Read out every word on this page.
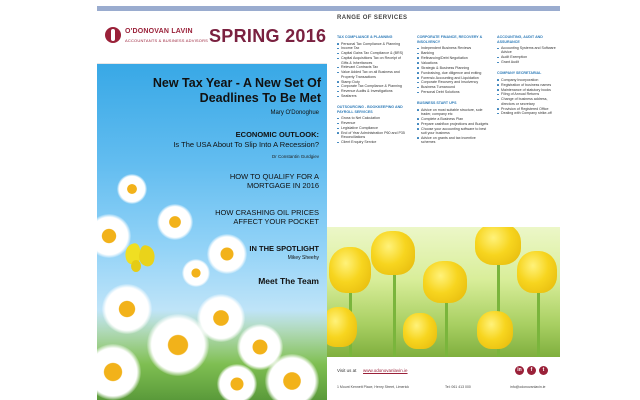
O'DONOVAN LAVIN
ACCOUNTANTS & BUSINESS ADVISORS SPRING 2016
New Tax Year - A New Set Of Deadlines To Be Met
Mary O'Donoghue
ECONOMIC OUTLOOK:
Is The USA About To Slip Into A Recession?
Dr Constantin Gurdgiev
HOW TO QUALIFY FOR A MORTGAGE IN 2016
HOW CRASHING OIL PRICES AFFECT YOUR POCKET
IN THE SPOTLIGHT
Mikey Sheehy
Meet The Team
RANGE OF SERVICES
TAX COMPLIANCE & PLANNING
Personal Tax Compliance & Planning
Income Tax
Capital Gains Tax Compliance & (BRS)
Capital Acquisitions Tax on Receipt of Gifts & Inheritances
Relevant Contracts Tax
Value Added Tax on all Business and Property Transactions
Stamp Duty
Corporate Tax Compliance & Planning
Revenue Audits & Investigations
Seafarers
OUTSOURCING - BOOKKEEPING AND PAYROLL SERVICES
Gross to Net Calculation
Revenue
Legislative Compliance
End of Year Administration P60 and P35 Reconciliations
Client Enquiry Service
CORPORATE FINANCE, RECOVERY & INSOLVENCY
Independent Business Reviews
Banking
Refinancing/Debt Negotiation
Valuations
Strategic & Business Planning
Fundraising, due diligence and exiting
Forensic Accounting and Liquidation
Corporate Recovery and Insolvency
Business Turnaround
Personal Debt Solutions
BUSINESS START UPS
Advice on most suitable structure, sole trader, company etc
Complete a Business Plan
Prepare cashflow projections and Budgets
Choose your accounting software to best suit your business
Advice on grants and tax incentive schemes
ACCOUNTING, AUDIT AND ASSURANCE
Accounting Systems and Software Advice
Audit Exemption
Grant Audit
COMPANY SECRETARIAL
Company Incorporation
Registration of business names
Maintenance of statutory books
Filing of Annual Returns
Change of business address, directors or secretary
Provision of Registered Office
Dealing with Company strike-off
Visit us at www.odonovanlavin.ie	in	f	t
1 Mount Kennett Place, Henry Street, Limerick	Tel: 061 413 000	info@odonovanlavin.ie
